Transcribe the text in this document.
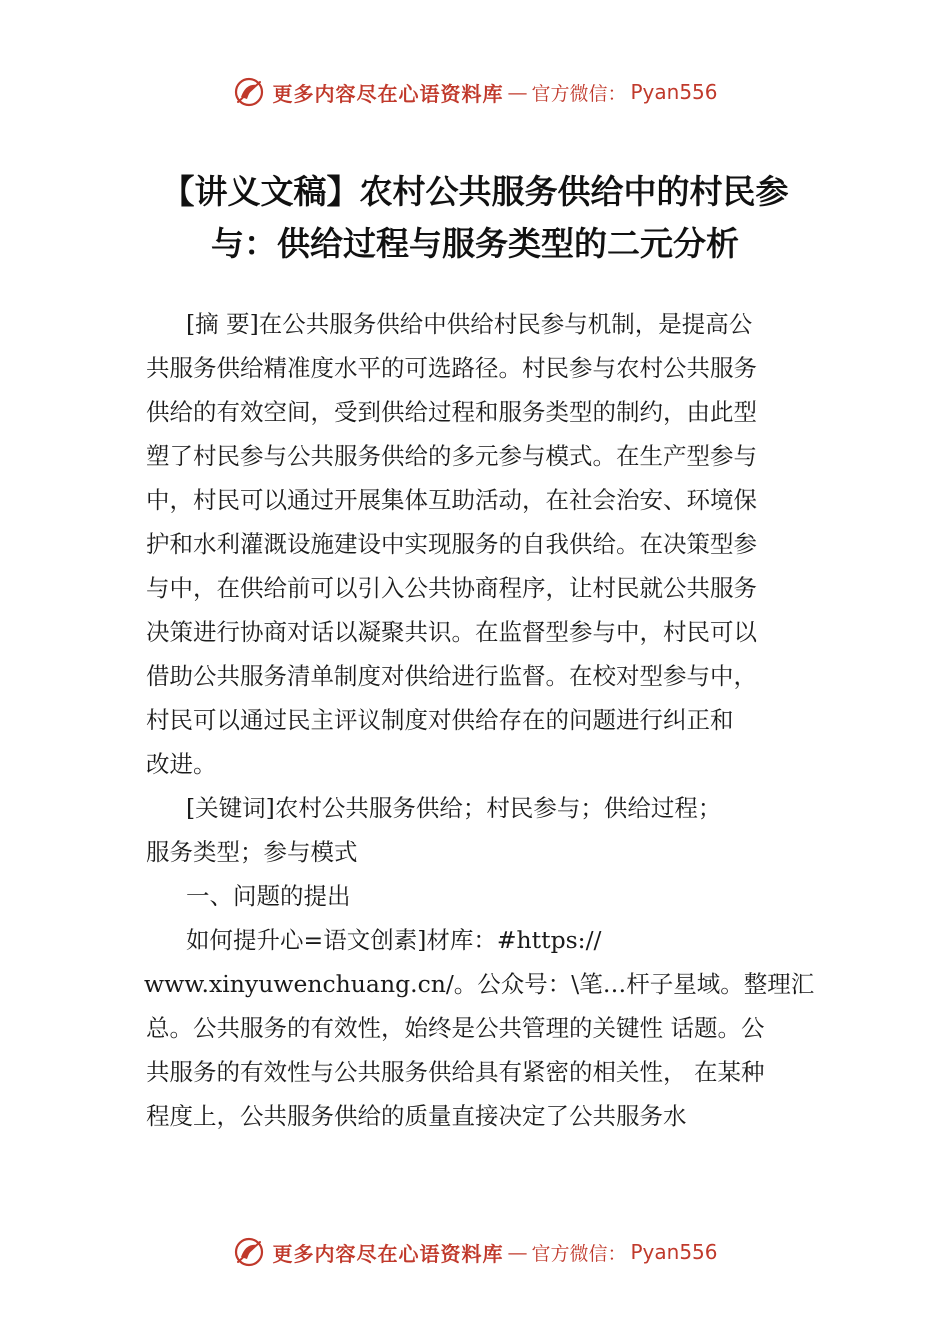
更多内容尽在心语资料库 — 官方微信： Pyan556
【讲义文稿】农村公共服务供给中的村民参
与：供给过程与服务类型的二元分析
[摘 要]在公共服务供给中供给村民参与机制，是提高公
共服务供给精准度水平的可选路径。村民参与农村公共服务
供给的有效空间，受到供给过程和服务类型的制约，由此型
塑了村民参与公共服务供给的多元参与模式。在生产型参与
中，村民可以通过开展集体互助活动，在社会治安、环境保
护和水利灌溉设施建设中实现服务的自我供给。在决策型参
与中，在供给前可以引入公共协商程序，让村民就公共服务
决策进行协商对话以凝聚共识。在监督型参与中，村民可以
借助公共服务清单制度对供给进行监督。在校对型参与中，
村民可以通过民主评议制度对供给存在的问题进行纠正和
改进。
[关键词]农村公共服务供给；村民参与；供给过程；
服务类型；参与模式
一、问题的提出
如何提升心=语文创素]材库：#https://
www.xinyuwenchuang.cn/。公众号：\笔…杆子星域。整理汇
总。公共服务的有效性，始终是公共管理的关键性 话题。公
共服务的有效性与公共服务供给具有紧密的相关性， 在某种
程度上，公共服务供给的质量直接决定了公共服务水
更多内容尽在心语资料库 — 官方微信： Pyan556
